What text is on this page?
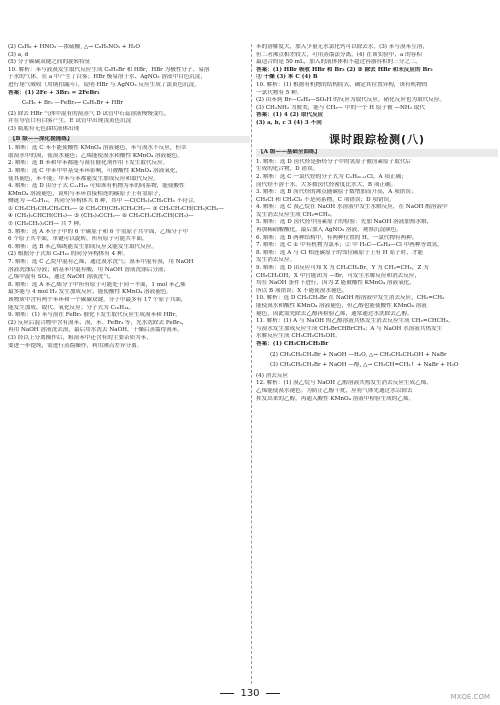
(2) C₆H₆ + HNO₃ —浓硫酸, △→ C₆H₅NO₂ + H₂O
(3) a, d
(5) 分子碳碳双键之间的旋转特征
10. 解析：苯与液溴发生取代反应生成 C₆H₅Br 和 HBr，HBr 为极性分子、易溶
于水的气体，在 a 中产生了白雾；HBr 极易溶于水、AgNO₃ 溶液中白色沉淀，
进行尾气吸收（用倒扣漏斗），说明 HBr 与 AgNO₃ 反应生成了淡黄色沉淀。
答案：(1) 2Fe + 3Br₂ = 2FeBr₃
C₆H₆ + Br₂ —FeBr₃→ C₆H₅Br + HBr
(2) 除去 HBr 气体中混有的溴蒸气 D 试管中石蕊溶液慢慢变红，
并在导管口有白雾产生，E 试管中出现浅黄色沉淀
(3) 瓶底有无色油状液体出现
【B 级——深化提能练】
1. 解析：选 C 苯不能使酸性 KMnO₄ 溶液褪色，苯与溴水不反应，但萃
取溴水中的溴，使溴水褪色；乙烯能使溴水和酸性 KMnO₄ 溶液褪色。
2. 解析：选 B 苯和甲苯都能与溴在催化剂作用下发生取代反应。
3. 解析：选 C 甲苯中甲基受苯环影响，可被酸性 KMnO₄ 溶液氧化，
使其褪色，苯不能；甲苯与苯都能发生加成反应和取代反应。
4. 解析：选 D 由分子式 C₁₁H₁₆ 可知该有机物为苯的同系物，能使酸性
KMnO₄ 溶液褪色，说明与苯环直接相连的碳原子上有氢原子，
侧链为 —C₅H₁₁，其同分异构体共 8 种，其中 —C(CH₃)₂CH₂CH₃ 不符合。
① CH₃CH₂CH₂CH₂CH₂— ② CH₃CH(CH₃)CH₂CH₂— ③ CH₃CH₂CH(CH₃)CH₂—
④ (CH₃)₂CHCH(CH₃)— ⑤ (CH₃)₃CCH₂— ⑥ CH₃CH₂CH₂CH(CH₃)—
⑦ (CH₃CH₂)₂CH— 共 7 种。
5. 解析：选 A 苯分子中的 6 个碳原子和 6 个氢原子共平面，乙烯分子中
6 个原子共平面，单键可以旋转，所有原子可能共平面。
6. 解析：选 B 苯乙烯既能发生加成反应又能发生取代反应。
(2) 根据分子式知 C₈H₁₀ 的同分异构体有 4 种。
7. 解析：选 C 乙烷中混有乙烯，通过溴水洗气；溴苯中混有溴，用 NaOH
溶液洗涤后分液；硝基苯中混有酸，用 NaOH 溶液洗涤后分液；
乙烯中混有 SO₂，通过 NaOH 溶液洗气。
8. 解析：选 A 苯乙烯分子中所有原子可能处于同一平面，1 mol 苯乙烯
最多能与 4 mol H₂ 发生加成反应，能使酸性 KMnO₄ 溶液褪色。
该物质中含有两个苯环和一个碳碳双键，分子中最多有 17 个原子共面，
能发生加成、取代、氧化反应；分子式为 C₁₆H₁₄。
9. 解析：(1) 苯与溴在 FeBr₃ 催化下发生取代反应生成溴苯和 HBr。
(2) 反应后混合物中含有溴苯、溴、苯、FeBr₃ 等，先水洗除去 FeBr₃，
再用 NaOH 溶液洗去溴，最后用水洗去 NaOH，干燥后蒸馏得溴苯。
(3) 经以上分离操作后，粗溴苯中还含有的主要杂质为苯，
要进一步提纯，需进行蒸馏操作，利用沸点差异分离。
苯的溶解度大，加入少量无水氯化钙可以除去水。(3) 苯与溴苯互溶，
但二者沸点相差较大，可用蒸馏法分离。(4) 在该实验中，a 的容积
最适合的是 50 mL，加入的液体体积不超过容器容积的三分之二。
答案：(1) HBr 吸收 HBr 和 Br₂ (2) ② 除去 HBr 和未反应的 Br₂
③ 干燥 (3) 苯 C (4) B
10. 解析：(1) 根据有机物的结构简式，确定其位置异构，该有机物的
一氯代物有 5 种。
(2) 由苯到 Br—C₆H₄—SO₃H 的反应为取代反应，硝化反应也为取代反应。
(3) CH₃NH₂ 为胺类，能与 CH₃— 中的一个 H 原子被 —NH₂ 取代
答案：(1) 4 (2) 取代反应
(3) a, b, c 3 (4) 3 不同
课时跟踪检测(八)
【A 级——基础全面练】
1. 解析：选 D 卤代烃是指烃分子中的氢原子被卤素原子取代后
生成的化合物，D 错误。
2. 解析：选 C 一氯代烃的分子式为 CₙH₂ₙ₊₁Cl，A 项正确；
卤代烃不溶于水，大多数卤代烃密度比水大，B 项正确。
3. 解析：选 B 卤代烃的沸点随碳原子数增加而升高，A 项错误；
CH₃Cl 和 CH₂Cl₂ 不是同系物，C 项错误；D 项错误。
4. 解析：选 C 溴乙烷在 NaOH 水溶液中发生水解反应，在 NaOH 醇溶液中
发生消去反应生成 CH₂=CH₂。
5. 解析：选 D 卤代烃中卤素原子的检验：先加 NaOH 溶液加热水解，
再加稀硝酸酸化，最后加入 AgNO₃ 溶液，观察沉淀颜色。
6. 解析：选 B 两种结构中，有两种位置的 H，一氯代物有两种。
7. 解析：选 C ① 中有机物为氯苯；② 中 H₃C—C₆H₄—Cl 中两种等效氢。
8. 解析：选 A 与 Cl 相连碳原子的邻位碳原子上有 H 原子时，才能
发生消去反应。
9. 解析：选 D 由反应可知 X 为 CH₃CH₂Br，Y 为 CH₂=CH₂，Z 为
CH₃CH₂OH，X 中官能团为 —Br，可发生水解反应和消去反应，
均在 NaOH 条件下进行，因为 Z 能被酸性 KMnO₄ 溶液氧化，
所以 B 项错误；X 不能使溴水褪色。
10. 解析：选 D CH₃CH₂Br 在 NaOH 醇溶液中发生消去反应，CH₂=CH₂
能使溴水和酸性 KMnO₄ 溶液褪色，但乙醇也能使酸性 KMnO₄ 溶液
褪色，因此需先除去乙醇再检验乙烯，通常通过水洗除去乙醇。
11. 解析：(1) A 与 NaOH 的乙醇溶液共热发生消去反应生成 CH₂=CHCH₃，
与溴水发生加成反应生成 CH₂BrCHBrCH₃；A 与 NaOH 水溶液共热发生
水解反应生成 CH₃CH₂CH₂OH。
答案：(1) CH₃CH₂CH₂Br
(2) CH₃CH₂CH₂Br + NaOH —H₂O, △→ CH₃CH₂CH₂OH + NaBr
(3) CH₃CH₂CH₂Br + NaOH —醇, △→ CH₃CH=CH₂↑ + NaBr + H₂O
(4) 消去反应
12. 解析：(1) 溴乙烷与 NaOH 乙醇溶液共热发生消去反应生成乙烯，
乙烯能使溴水褪色；为防止乙醇干扰，应将气体先通过水以除去
挥发出来的乙醇，再通入酸性 KMnO₄ 溶液中检验生成的乙烯。
130	MXQE.COM
